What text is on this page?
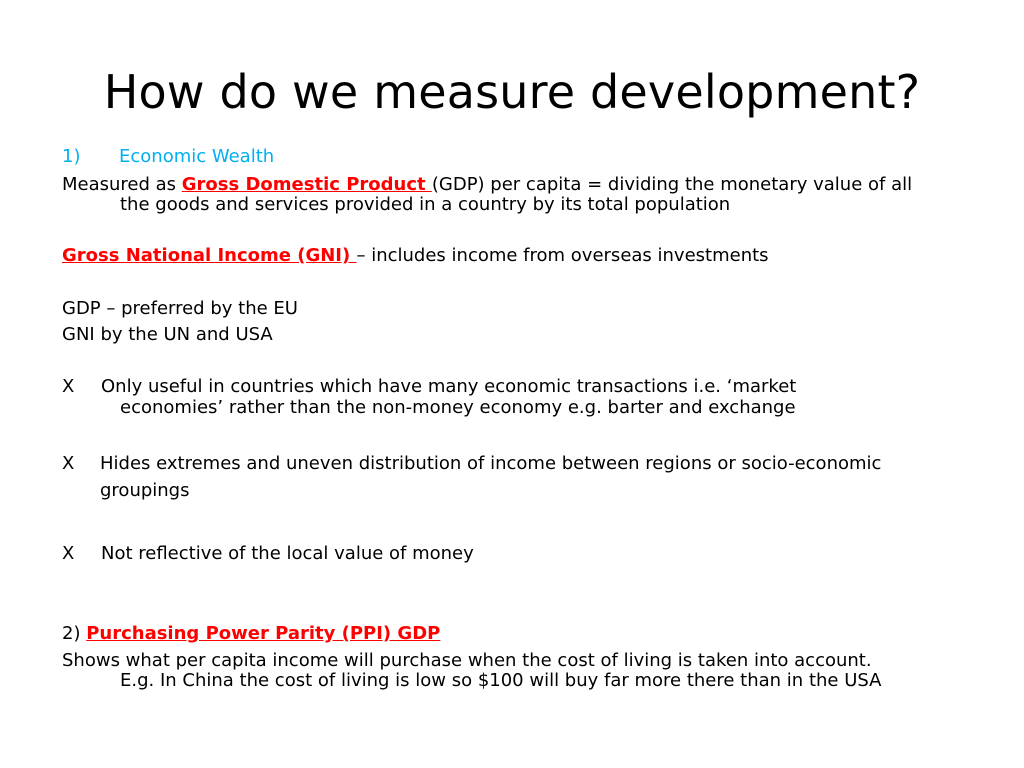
How do we measure development?
1) Economic Wealth
Measured as Gross Domestic Product (GDP) per capita = dividing the monetary value of all
the goods and services provided in a country by its total population
Gross National Income (GNI) – includes income from overseas investments
GDP – preferred by the EU
GNI by the UN and USA
X Only useful in countries which have many economic transactions i.e. ‘market
economies’ rather than the non-money economy e.g. barter and exchange
X Hides extremes and uneven distribution of income between regions or socio-economic
groupings
X Not reflective of the local value of money
2) Purchasing Power Parity (PPI) GDP
Shows what per capita income will purchase when the cost of living is taken into account.
E.g. In China the cost of living is low so $100 will buy far more there than in the USA
